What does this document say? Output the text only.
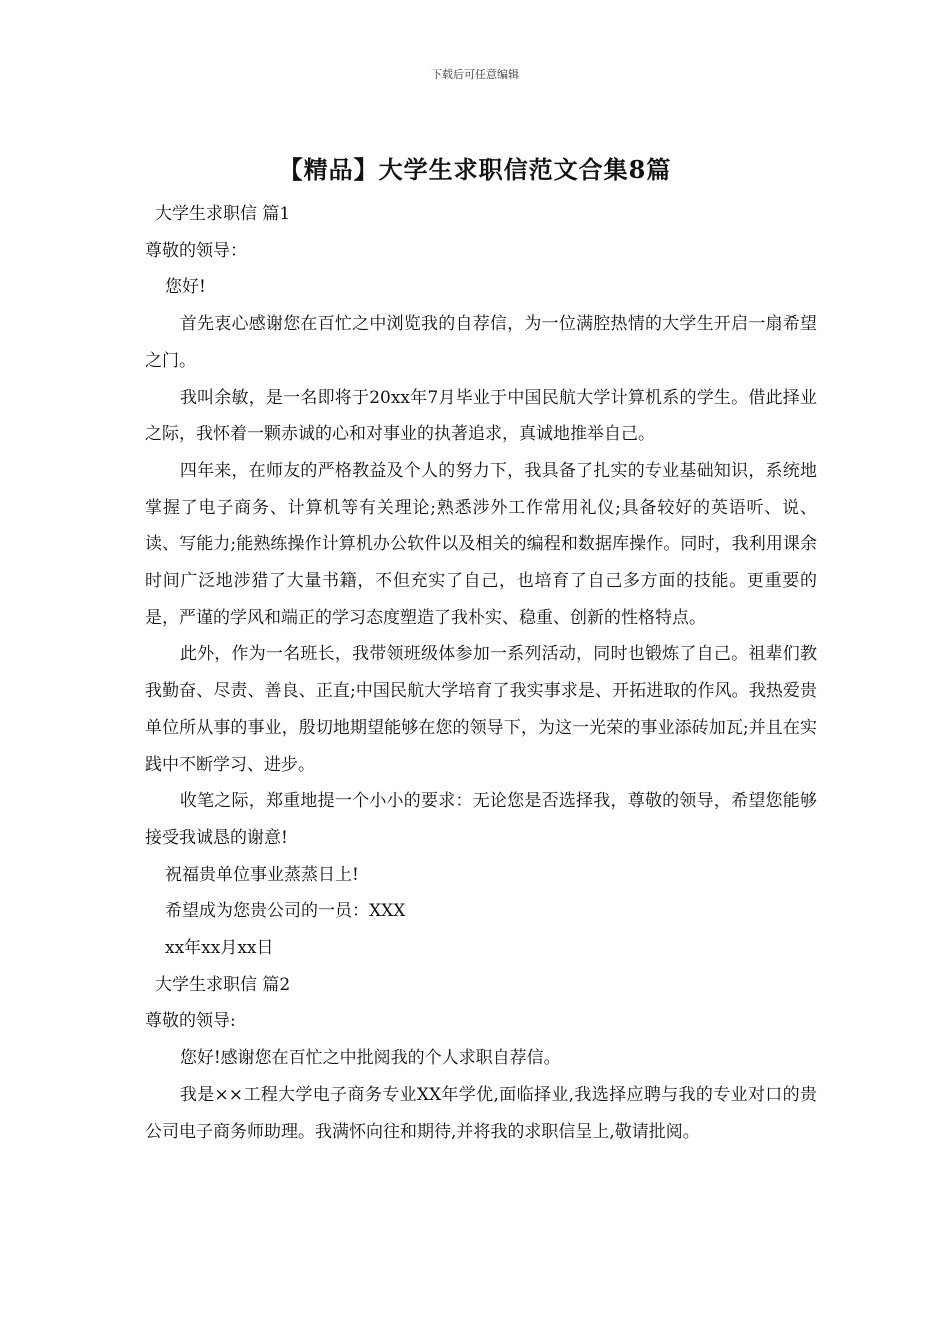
下载后可任意编辑
【精品】大学生求职信范文合集8篇
大学生求职信 篇1
尊敬的领导：
您好!
首先衷心感谢您在百忙之中浏览我的自荐信，为一位满腔热情的大学生开启一扇希望之门。
我叫余敏，是一名即将于20xx年7月毕业于中国民航大学计算机系的学生。借此择业之际，我怀着一颗赤诚的心和对事业的执著追求，真诚地推举自己。
四年来，在师友的严格教益及个人的努力下，我具备了扎实的专业基础知识，系统地掌握了电子商务、计算机等有关理论;熟悉涉外工作常用礼仪;具备较好的英语听、说、读、写能力;能熟练操作计算机办公软件以及相关的编程和数据库操作。同时，我利用课余时间广泛地涉猎了大量书籍，不但充实了自己，也培育了自己多方面的技能。更重要的是，严谨的学风和端正的学习态度塑造了我朴实、稳重、创新的性格特点。
此外，作为一名班长，我带领班级体参加一系列活动，同时也锻炼了自己。祖辈们教我勤奋、尽责、善良、正直;中国民航大学培育了我实事求是、开拓进取的作风。我热爱贵单位所从事的事业，殷切地期望能够在您的领导下，为这一光荣的事业添砖加瓦;并且在实践中不断学习、进步。
收笔之际，郑重地提一个小小的要求：无论您是否选择我，尊敬的领导，希望您能够接受我诚恳的谢意!
祝福贵单位事业蒸蒸日上!
希望成为您贵公司的一员：XXX
xx年xx月xx日
大学生求职信 篇2
尊敬的领导:
您好!感谢您在百忙之中批阅我的个人求职自荐信。
我是××工程大学电子商务专业XX年学优,面临择业,我选择应聘与我的专业对口的贵公司电子商务师助理。我满怀向往和期待,并将我的求职信呈上,敬请批阅。
